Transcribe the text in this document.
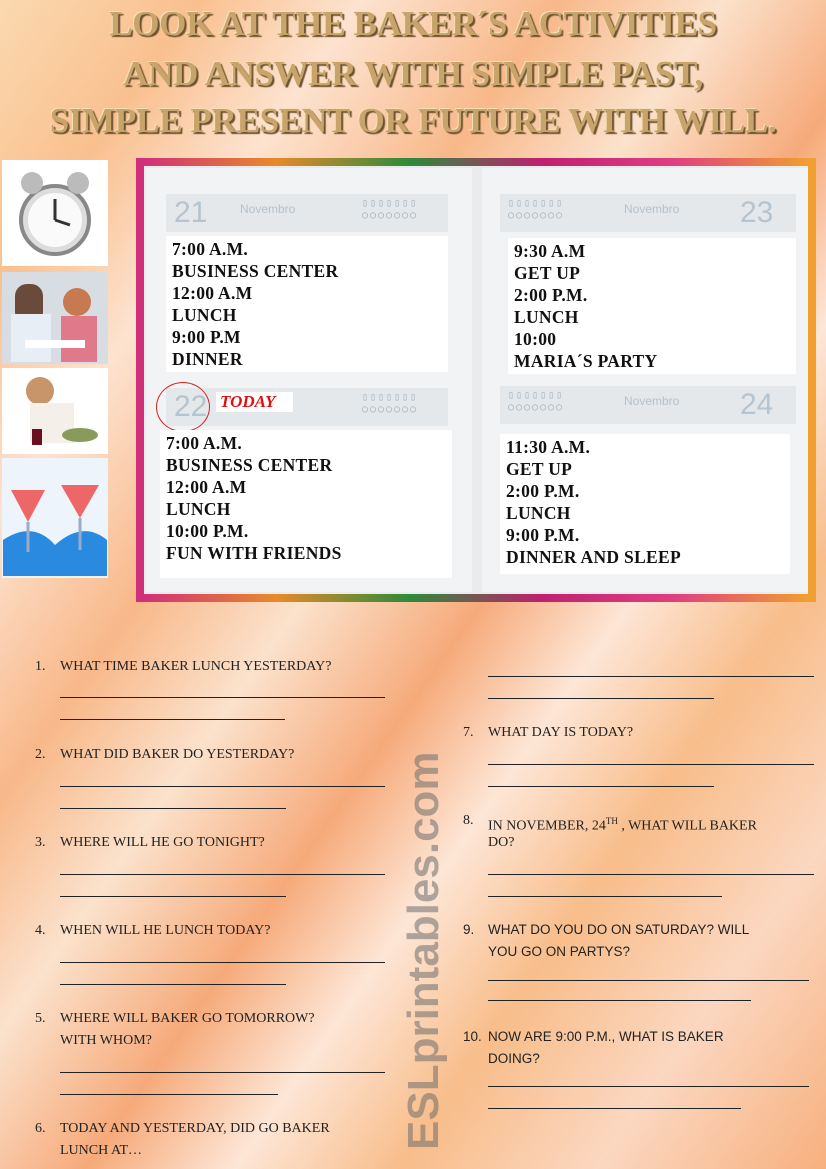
LOOK AT THE BAKER´S ACTIVITIES
AND ANSWER WITH SIMPLE PAST,
SIMPLE PRESENT OR FUTURE WITH WILL.
21	Novembro	▯▯▯▯▯▯▯
○○○○○○○
7:00 A.M.
BUSINESS CENTER
12:00 A.M
LUNCH
9:00 P.M
DINNER
22 TODAY	▯▯▯▯▯▯▯
○○○○○○○
7:00 A.M.
BUSINESS CENTER
12:00 A.M
LUNCH
10:00 P.M.
FUN WITH FRIENDS
▯▯▯▯▯▯▯
○○○○○○○	Novembro 23
9:30 A.M
GET UP
2:00 P.M.
LUNCH
10:00
MARIA´S PARTY
▯▯▯▯▯▯▯
○○○○○○○	Novembro 24
11:30 A.M.
GET UP
2:00 P.M.
LUNCH
9:00 P.M.
DINNER AND SLEEP
1.	WHAT TIME BAKER LUNCH YESTERDAY?
2.	WHAT DID BAKER DO YESTERDAY?
3.	WHERE WILL HE GO TONIGHT?
4.	WHEN WILL HE LUNCH TODAY?
5.	WHERE WILL BAKER GO TOMORROW?
WITH WHOM?
6.	TODAY AND YESTERDAY, DID GO BAKER
LUNCH AT…
7.	WHAT DAY IS TODAY?
8.	IN NOVEMBER, 24TH , WHAT WILL BAKER
DO?
9.	WHAT DO YOU DO ON SATURDAY? WILL
YOU GO ON PARTYS?
10. NOW ARE 9:00 P.M., WHAT IS BAKER
DOING?
ESLprintables.com
